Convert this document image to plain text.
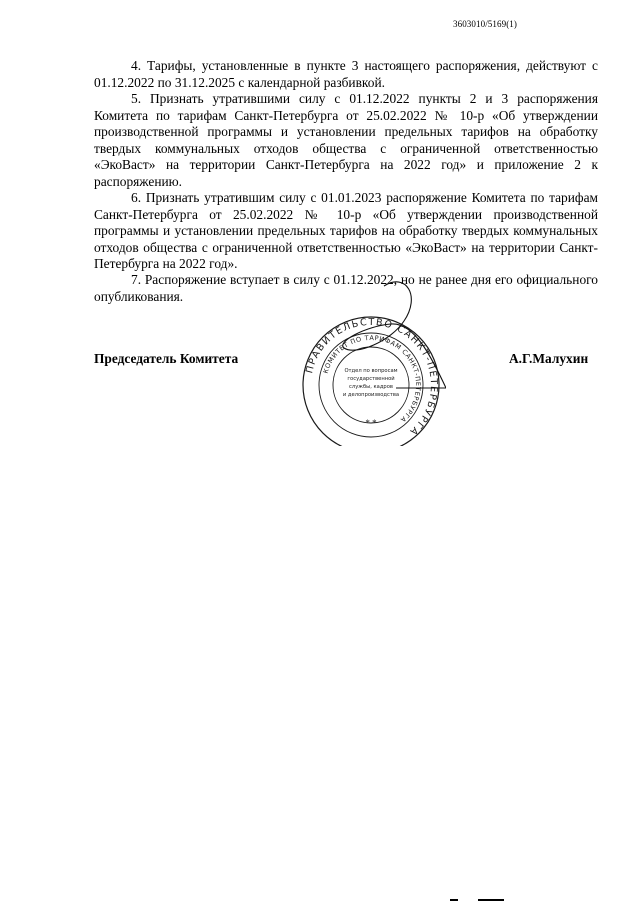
3603010/5169(1)

4. Тарифы, установленные в пункте 3 настоящего распоряжения, действуют с 01.12.2022 по 31.12.2025 с календарной разбивкой.

5. Признать утратившими силу с 01.12.2022 пункты 2 и 3 распоряжения Комитета по тарифам Санкт-Петербурга от 25.02.2022 № 10-р «Об утверждении производственной программы и установлении предельных тарифов на обработку твердых коммунальных отходов общества с ограниченной ответственностью «ЭкоВаст» на территории Санкт-Петербурга на 2022 год» и приложение 2 к распоряжению.

6. Признать утратившим силу с 01.01.2023 распоряжение Комитета по тарифам Санкт-Петербурга от 25.02.2022 № 10-р «Об утверждении производственной программы и установлении предельных тарифов на обработку твердых коммунальных отходов общества с ограниченной ответственностью «ЭкоВаст» на территории Санкт-Петербурга на 2022 год».

7. Распоряжение вступает в силу с 01.12.2022, но не ранее дня его официального опубликования.

Председатель Комитета	А.Г.Малухин
ПРАВИТЕЛЬСТВО САНКТ-ПЕТЕРБУРГА
КОМИТЕТ ПО ТАРИФАМ САНКТ-ПЕТЕРБУРГА
Отдел по вопросам
государственной
службы, кадров
и делопроизводства
* *
